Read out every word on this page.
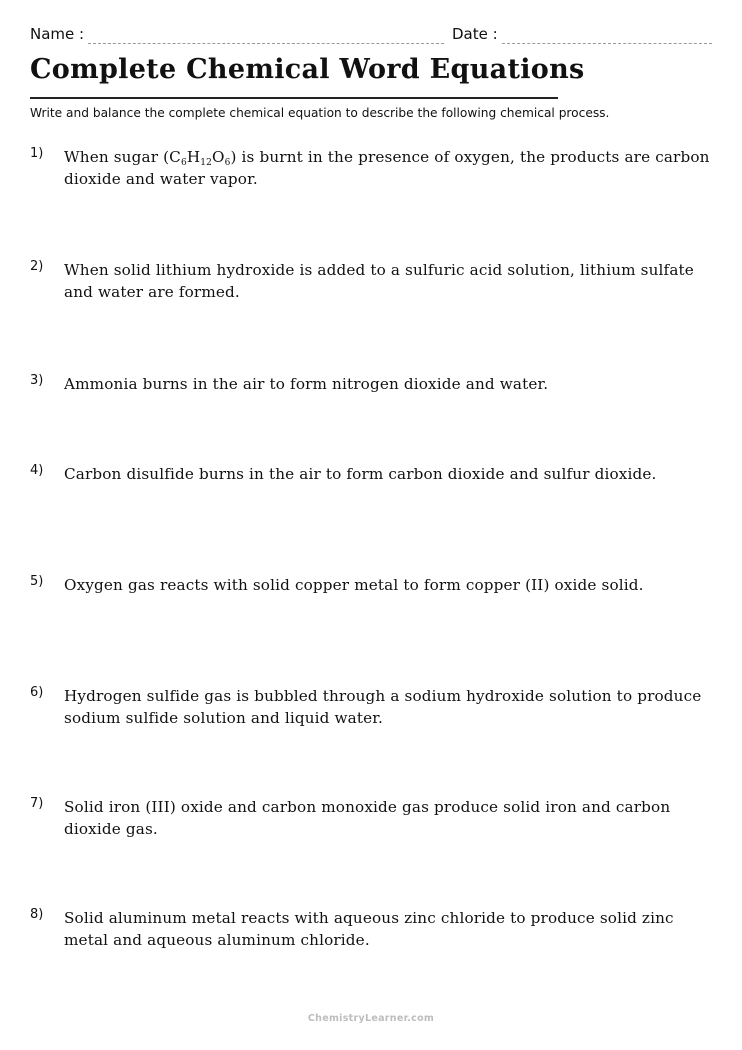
Name :	Date :
Complete Chemical Word Equations
Write and balance the complete chemical equation to describe the following chemical process.
1) When sugar $(C_6H_{12}O_6)$ is burnt in the presence of oxygen, the products are carbon dioxide and water vapor.
2) When solid lithium hydroxide is added to a sulfuric acid solution, lithium sulfate and water are formed.
3) Ammonia burns in the air to form nitrogen dioxide and water.
4) Carbon disulfide burns in the air to form carbon dioxide and sulfur dioxide.
5) Oxygen gas reacts with solid copper metal to form copper (II) oxide solid.
6) Hydrogen sulfide gas is bubbled through a sodium hydroxide solution to produce sodium sulfide solution and liquid water.
7) Solid iron (III) oxide and carbon monoxide gas produce solid iron and carbon dioxide gas.
8) Solid aluminum metal reacts with aqueous zinc chloride to produce solid zinc metal and aqueous aluminum chloride.
ChemistryLearner.com
